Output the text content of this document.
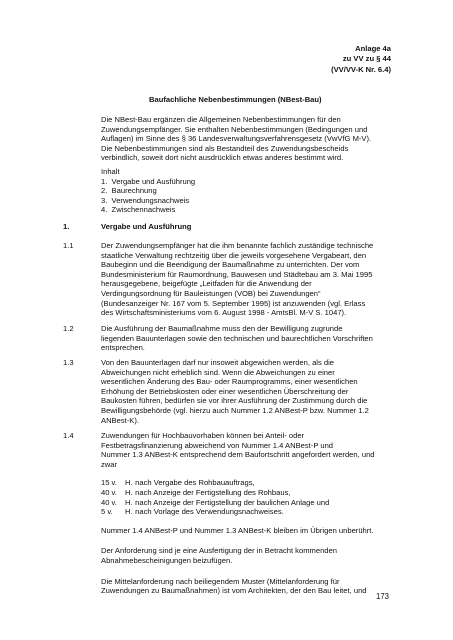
Anlage 4a
zu VV zu § 44
(VV/VV-K Nr. 6.4)
Baufachliche Nebenbestimmungen (NBest-Bau)
Die NBest-Bau ergänzen die Allgemeinen Nebenbestimmungen für den
Zuwendungsempfänger. Sie enthalten Nebenbestimmungen (Bedingungen und
Auflagen) im Sinne des § 36 Landesverwaltungsverfahrensgesetz (VwVfG M-V).
Die Nebenbestimmungen sind als Bestandteil des Zuwendungsbescheids
verbindlich, soweit dort nicht ausdrücklich etwas anderes bestimmt wird.
Inhalt
1.  Vergabe und Ausführung
2.  Baurechnung
3.  Verwendungsnachweis
4.  Zwischennachweis
1.	Vergabe und Ausführung
1.1	Der Zuwendungsempfänger hat die ihm benannte fachlich zuständige technische
staatliche Verwaltung rechtzeitig über die jeweils vorgesehene Vergabeart, den
Baubeginn und die Beendigung der Baumaßnahme zu unterrichten. Der vom
Bundesministerium für Raumordnung, Bauwesen und Städtebau am 3. Mai 1995
herausgegebene, beigefügte „Leitfaden für die Anwendung der
Verdingungsordnung für Bauleistungen (VOB) bei Zuwendungen“
(Bundesanzeiger Nr. 167 vom 5. September 1995) ist anzuwenden (vgl. Erlass
des Wirtschaftsministeriums vom 6. August 1998 - AmtsBl. M-V S. 1047).
1.2	Die Ausführung der Baumaßnahme muss den der Bewilligung zugrunde
liegenden Bauunterlagen sowie den technischen und baurechtlichen Vorschriften
entsprechen.
1.3	Von den Bauunterlagen darf nur insoweit abgewichen werden, als die
Abweichungen nicht erheblich sind. Wenn die Abweichungen zu einer
wesentlichen Änderung des Bau- oder Raumprogramms, einer wesentlichen
Erhöhung der Betriebskosten oder einer wesentlichen Überschreitung der
Baukosten führen, bedürfen sie vor ihrer Ausführung der Zustimmung durch die
Bewilligungsbehörde (vgl. hierzu auch Nummer 1.2 ANBest-P bzw. Nummer 1.2
ANBest-K).
1.4	Zuwendungen für Hochbauvorhaben können bei Anteil- oder
Festbetragsfinanzierung abweichend von Nummer 1.4 ANBest-P und
Nummer 1.3 ANBest-K entsprechend dem Baufortschritt angefordert werden, und
zwar
15 v. H. nach Vergabe des Rohbauauftrags,
40 v. H. nach Anzeige der Fertigstellung des Rohbaus,
40 v. H. nach Anzeige der Fertigstellung der baulichen Anlage und
5 v. H. nach Vorlage des Verwendungsnachweises.
Nummer 1.4 ANBest-P und Nummer 1.3 ANBest-K bleiben im Übrigen unberührt.
Der Anforderung sind je eine Ausfertigung der in Betracht kommenden
Abnahmebescheinigungen beizufügen.
Die Mittelanforderung nach beiliegendem Muster (Mittelanforderung für
Zuwendungen zu Baumaßnahmen) ist vom Architekten, der den Bau leitet, und
173
